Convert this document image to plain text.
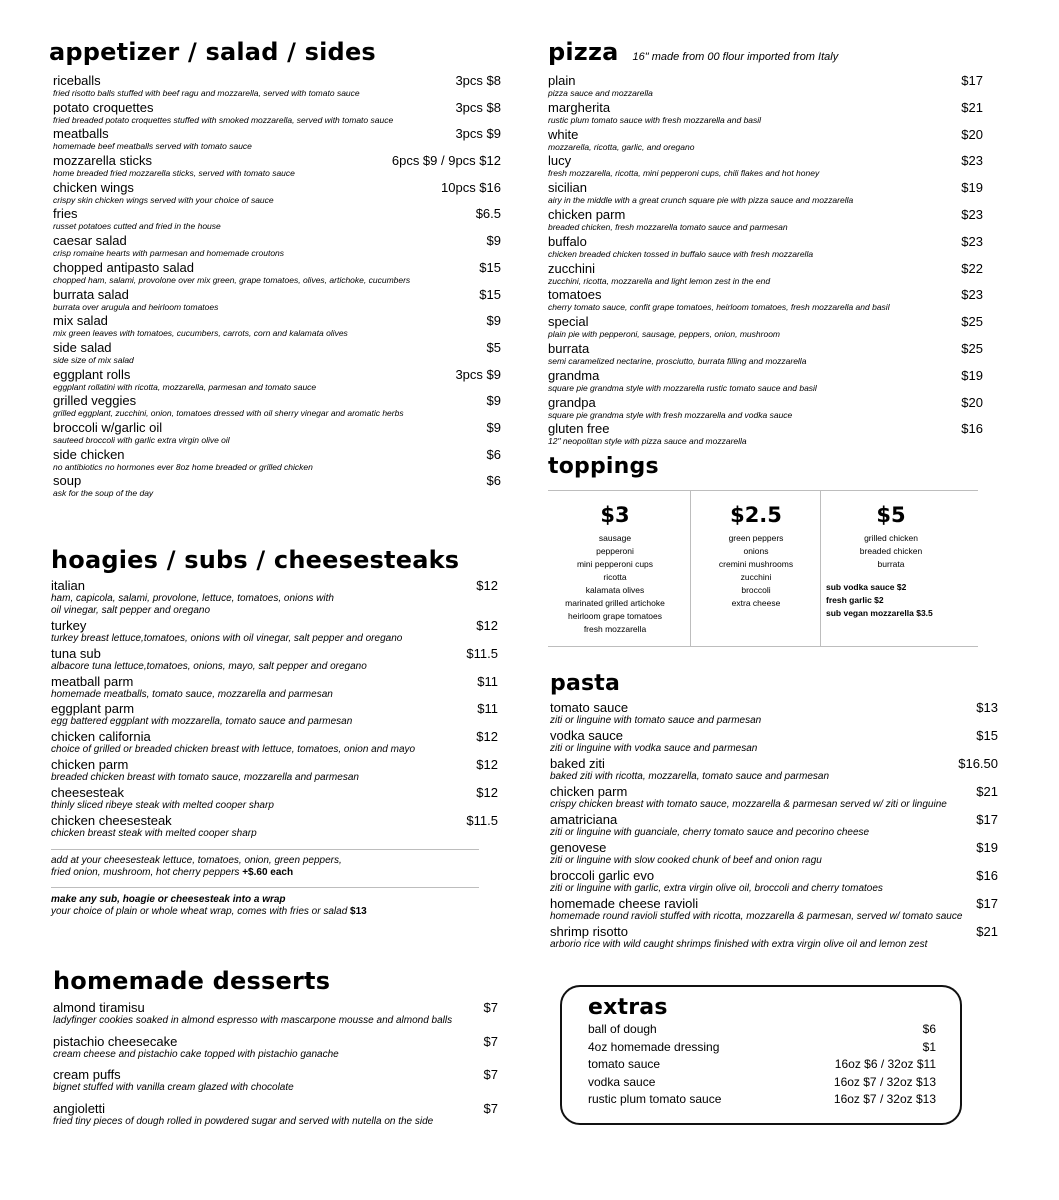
appetizer / salad / sides
riceballs	3pcs $8
fried risotto balls stuffed with beef ragu and mozzarella, served with tomato sauce
potato croquettes	3pcs $8
fried breaded potato croquettes stuffed with smoked mozzarella, served with tomato sauce
meatballs	3pcs $9
homemade beef meatballs served with tomato sauce
mozzarella sticks	6pcs $9 / 9pcs $12
home breaded fried mozzarella sticks, served with tomato sauce
chicken wings	10pcs $16
crispy skin chicken wings served with your choice of sauce
fries	$6.5
russet potatoes cutted and fried in the house
caesar salad	$9
crisp romaine hearts with parmesan and homemade croutons
chopped antipasto salad	$15
chopped ham, salami, provolone over mix green, grape tomatoes, olives, artichoke, cucumbers
burrata salad	$15
burrata over arugula and heirloom tomatoes
mix salad	$9
mix green leaves with tomatoes, cucumbers, carrots, corn and kalamata olives
side salad	$5
side size of mix salad
eggplant rolls	3pcs $9
eggplant rollatini with ricotta, mozzarella, parmesan and tomato sauce
grilled veggies	$9
grilled eggplant, zucchini, onion, tomatoes dressed with oil sherry vinegar and aromatic herbs
broccoli w/garlic oil	$9
sauteed broccoli with garlic extra virgin olive oil
side chicken	$6
no antibiotics no hormones ever 8oz home breaded or grilled chicken
soup	$6
ask for the soup of the day
hoagies / subs / cheesesteaks
italian	$12
ham, capicola, salami, provolone, lettuce, tomatoes, onions with
oil vinegar, salt pepper and oregano
turkey	$12
turkey breast lettuce,tomatoes, onions with oil vinegar, salt pepper and oregano
tuna sub	$11.5
albacore tuna lettuce,tomatoes, onions, mayo, salt pepper and oregano
meatball parm	$11
homemade meatballs, tomato sauce, mozzarella and parmesan
eggplant parm	$11
egg battered eggplant with mozzarella, tomato sauce and parmesan
chicken california	$12
choice of grilled or breaded chicken breast with lettuce, tomatoes, onion and mayo
chicken parm	$12
breaded chicken breast with tomato sauce, mozzarella and parmesan
cheesesteak	$12
thinly sliced ribeye steak with melted cooper sharp
chicken cheesesteak	$11.5
chicken breast steak with melted cooper sharp
add at your cheesesteak lettuce, tomatoes, onion, green peppers,
fried onion, mushroom, hot cherry peppers +$.60 each
make any sub, hoagie or cheesesteak into a wrap
your choice of plain or whole wheat wrap, comes with fries or salad $13
homemade desserts
almond tiramisu	$7
ladyfinger cookies soaked in almond espresso with mascarpone mousse and almond balls
pistachio cheesecake	$7
cream cheese and pistachio cake topped with pistachio ganache
cream puffs	$7
bignet stuffed with vanilla cream glazed with chocolate
angioletti	$7
fried tiny pieces of dough rolled in powdered sugar and served with nutella on the side
pizza 16" made from 00 flour imported from Italy
plain	$17
pizza sauce and mozzarella
margherita	$21
rustic plum tomato sauce with fresh mozzarella and basil
white	$20
mozzarella, ricotta, garlic, and oregano
lucy	$23
fresh mozzarella, ricotta, mini pepperoni cups, chili flakes and hot honey
sicilian	$19
airy in the middle with a great crunch square pie with pizza sauce and mozzarella
chicken parm	$23
breaded chicken, fresh mozzarella tomato sauce and parmesan
buffalo	$23
chicken breaded chicken tossed in buffalo sauce with fresh mozzarella
zucchini	$22
zucchini, ricotta, mozzarella and light lemon zest in the end
tomatoes	$23
cherry tomato sauce, confit grape tomatoes, heirloom tomatoes, fresh mozzarella and basil
special	$25
plain pie with pepperoni, sausage, peppers, onion, mushroom
burrata	$25
semi caramelized nectarine, prosciutto, burrata filling and mozzarella
grandma	$19
square pie grandma style with mozzarella rustic tomato sauce and basil
grandpa	$20
square pie grandma style with fresh mozzarella and vodka sauce
gluten free	$16
12" neopolitan style with pizza sauce and mozzarella
toppings
$3
sausage
pepperoni
mini pepperoni cups
ricotta
kalamata olives
marinated grilled artichoke
heirloom grape tomatoes
fresh mozzarella
$2.5
green peppers
onions
cremini mushrooms
zucchini
broccoli
extra cheese
$5
grilled chicken
breaded chicken
burrata
sub vodka sauce $2
fresh garlic $2
sub vegan mozzarella $3.5
pasta
tomato sauce	$13
ziti or linguine with tomato sauce and parmesan
vodka sauce	$15
ziti or linguine with vodka sauce and parmesan
baked ziti	$16.50
baked ziti with ricotta, mozzarella, tomato sauce and parmesan
chicken parm	$21
crispy chicken breast with tomato sauce, mozzarella & parmesan served w/ ziti or linguine
amatriciana	$17
ziti or linguine with guanciale, cherry tomato sauce and pecorino cheese
genovese	$19
ziti or linguine with slow cooked chunk of beef and onion ragu
broccoli garlic evo	$16
ziti or linguine with garlic, extra virgin olive oil, broccoli and cherry tomatoes
homemade cheese ravioli	$17
homemade round ravioli stuffed with ricotta, mozzarella & parmesan, served w/ tomato sauce
shrimp risotto	$21
arborio rice with wild caught shrimps finished with extra virgin olive oil and lemon zest
extras
ball of dough	$6
4oz homemade dressing	$1
tomato sauce	16oz $6 / 32oz $11
vodka sauce	16oz $7 / 32oz $13
rustic plum tomato sauce	16oz $7 / 32oz $13
